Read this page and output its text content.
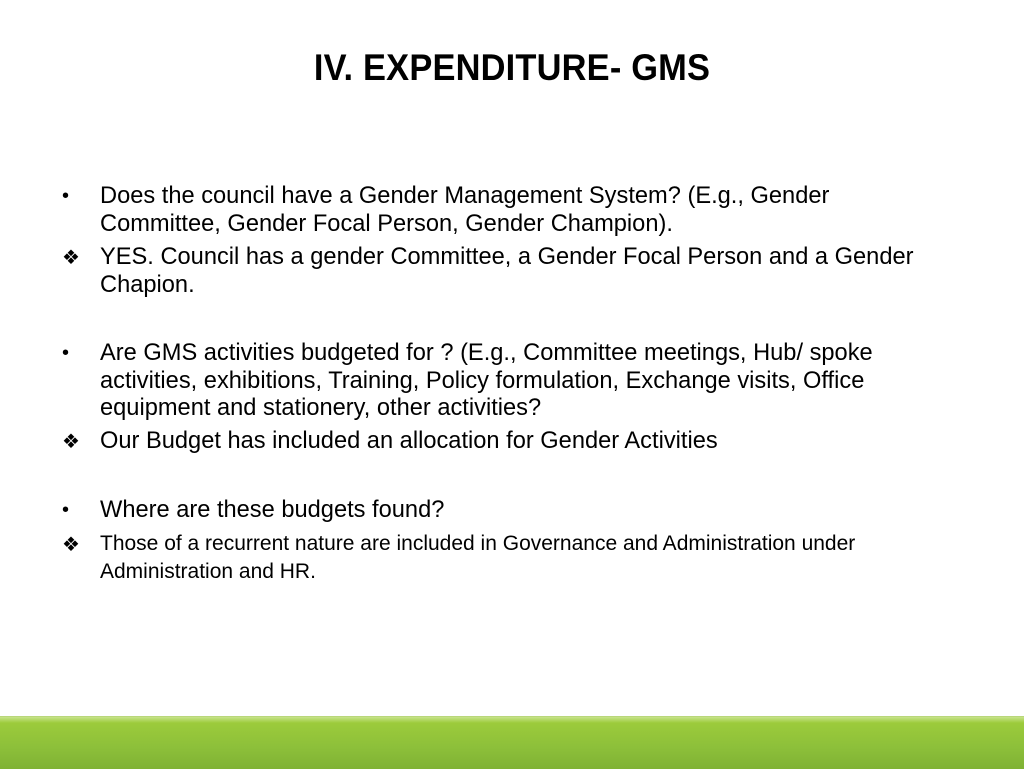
IV. EXPENDITURE- GMS
•	Does the council have a Gender Management System? (E.g., Gender Committee, Gender Focal Person, Gender Champion).
❖ YES. Council has a gender Committee, a Gender Focal Person and a Gender Chapion.
•	Are GMS activities budgeted for ? (E.g., Committee meetings, Hub/ spoke activities, exhibitions, Training, Policy formulation, Exchange visits, Office equipment and stationery, other activities?
❖ Our Budget has included an allocation for Gender Activities
•	Where are these budgets found?
❖ Those of a recurrent nature are included in Governance and Administration under Administration and HR.
